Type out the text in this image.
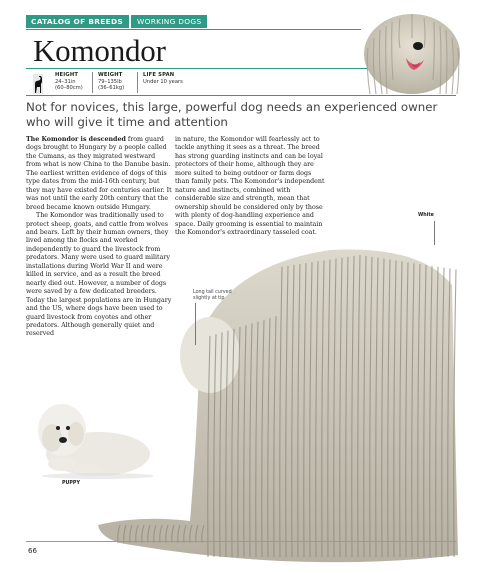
CATALOG OF BREEDS	WORKING DOGS
Komondor
HEIGHT
24–31in
(60–80cm)
WEIGHT
79–135lb
(36–61kg)
LIFE SPAN
Under 10 years
Not for novices, this large, powerful dog needs an experienced owner who will give it time and attention

The Komondor is descended from guard dogs brought to Hungary by a people called the Cumans, as they migrated westward from what is now China to the Danube basin. The earliest written evidence of dogs of this type dates from the mid-16th century, but they may have existed for centuries earlier. It was not until the early 20th century that the breed became known outside Hungary.

The Komondor was traditionally used to protect sheep, goats, and cattle from wolves and bears. Left by their human owners, they lived among the flocks and worked independently to guard the livestock from predators. Many were used to guard military installations during World War II and were killed in service, and as a result the breed nearly died out. However, a number of dogs were saved by a few dedicated breeders. Today the largest populations are in Hungary and the US, where dogs have been used to guard livestock from coyotes and other predators. Although generally quiet and reserved

in nature, the Komondor will fearlessly act to tackle anything it sees as a threat. The breed has strong guarding instincts and can be loyal protectors of their home, although they are more suited to being outdoor or farm dogs than family pets. The Komondor's independent nature and instincts, combined with considerable size and strength, mean that ownership should be considered only by those with plenty of dog-handling experience and space. Daily grooming is essential to maintain the Komondor's extraordinary tasseled coat.

White
Long tail curved
slightly at tip
PUPPY
66
